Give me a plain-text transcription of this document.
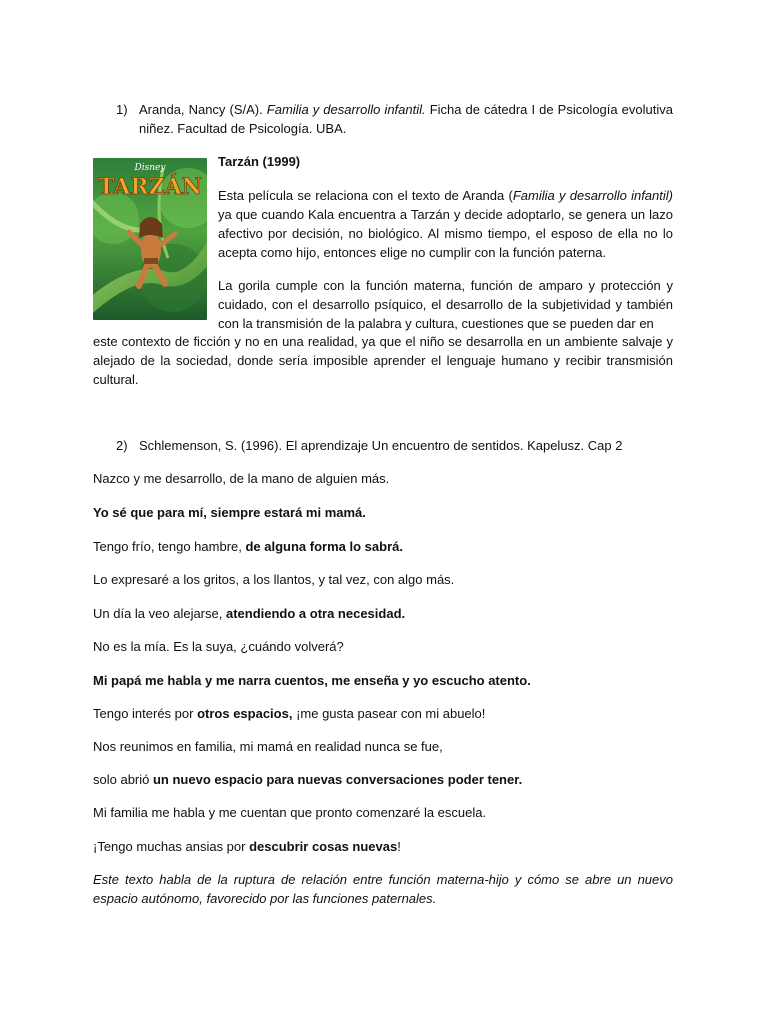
1) Aranda, Nancy (S/A). Familia y desarrollo infantil. Ficha de cátedra I de Psicología evolutiva niñez. Facultad de Psicología. UBA.
Disney
TARZÁN
Tarzán (1999)
Esta película se relaciona con el texto de Aranda (Familia y desarrollo infantil) ya que cuando Kala encuentra a Tarzán y decide adoptarlo, se genera un lazo afectivo por decisión, no biológico. Al mismo tiempo, el esposo de ella no lo acepta como hijo, entonces elige no cumplir con la función paterna.
La gorila cumple con la función materna, función de amparo y protección y cuidado, con el desarrollo psíquico, el desarrollo de la subjetividad y también con la transmisión de la palabra y cultura, cuestiones que se pueden dar en
este contexto de ficción y no en una realidad, ya que el niño se desarrolla en un ambiente salvaje y alejado de la sociedad, donde sería imposible aprender el lenguaje humano y recibir transmisión cultural.
2) Schlemenson, S. (1996). El aprendizaje Un encuentro de sentidos. Kapelusz. Cap 2
Nazco y me desarrollo, de la mano de alguien más.
Yo sé que para mí, siempre estará mi mamá.
Tengo frío, tengo hambre, de alguna forma lo sabrá.
Lo expresaré a los gritos, a los llantos, y tal vez, con algo más.
Un día la veo alejarse, atendiendo a otra necesidad.
No es la mía. Es la suya, ¿cuándo volverá?
Mi papá me habla y me narra cuentos, me enseña y yo escucho atento.
Tengo interés por otros espacios, ¡me gusta pasear con mi abuelo!
Nos reunimos en familia, mi mamá en realidad nunca se fue,
solo abrió un nuevo espacio para nuevas conversaciones poder tener.
Mi familia me habla y me cuentan que pronto comenzaré la escuela.
¡Tengo muchas ansias por descubrir cosas nuevas!
Este texto habla de la ruptura de relación entre función materna-hijo y cómo se abre un nuevo espacio autónomo, favorecido por las funciones paternales.
